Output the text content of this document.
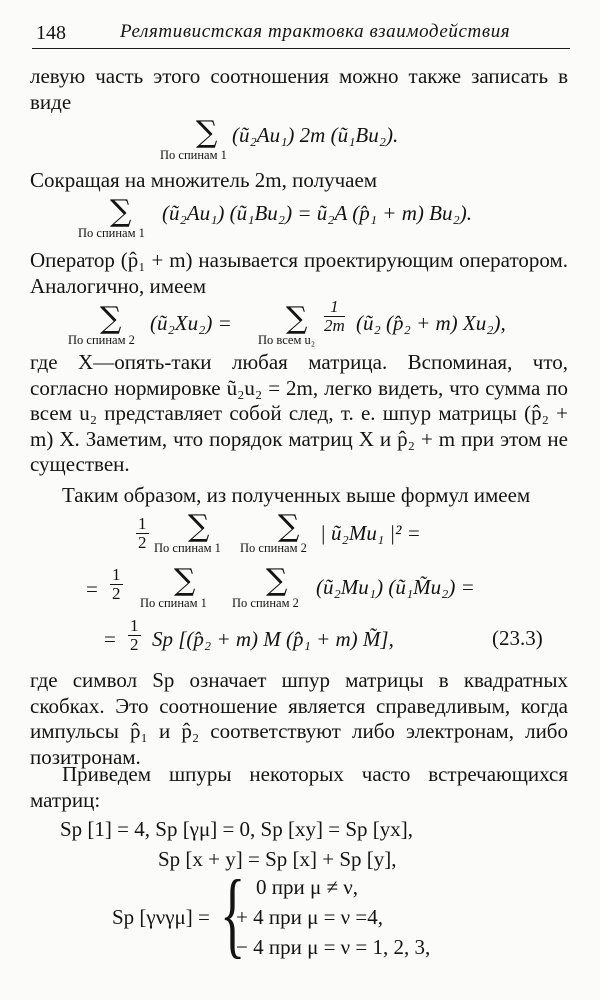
148	Релятивистская трактовка взаимодействия

левую часть этого соотношения можно также записать в виде

∑
По спинам 1
(ũ₂Au₁) 2m (ũ₁Bu₂).

Сокращая на множитель 2m, получаем

∑
По спинам 1
(ũ₂Au₁) (ũ₁Bu₂) = ũ₂A (p̂₁ + m) Bu₂).

Оператор (p̂₁ + m) называется проектирующим оператором. Аналогично, имеем

∑
По спинам 2
(ũ₂Xu₂) = ∑
По всем u₂
$\frac{1}{2m}$ (ũ₂ (p̂₂ + m) Xu₂),

где X—опять-таки любая матрица. Вспоминая, что, согласно нормировке ũ₂u₂ = 2m, легко видеть, что сумма по всем u₂ представляет собой след, т. е. шпур матрицы (p̂₂ + m) X. Заметим, что порядок матриц X и p̂₂ + m при этом не существен.

Таким образом, из полученных выше формул имеем

$\frac{1}{2}$ ∑
По спинам 1
∑
По спинам 2
| ũ₂Mu₁ |² =
= $\frac{1}{2}$ ∑
По спинам 1
∑
По спинам 2
(ũ₂Mu₁) (ũ₁M̃u₂) =
= $\frac{1}{2}$ Sp [(p̂₂ + m) M (p̂₁ + m) M̃],	(23.3)

где символ Sp означает шпур матрицы в квадратных скобках. Это соотношение является справедливым, когда импульсы p̂₁ и p̂₂ соответствуют либо электронам, либо позитронам.

Приведем шпуры некоторых часто встречающихся матриц:

Sp [1] = 4, Sp [γμ] = 0, Sp [xy] = Sp [yx],
Sp [x + y] = Sp [x] + Sp [y],
Sp [γνγμ] = { 0 при μ ≠ ν,
+ 4 при μ = ν =4,
− 4 при μ = ν = 1, 2, 3,
